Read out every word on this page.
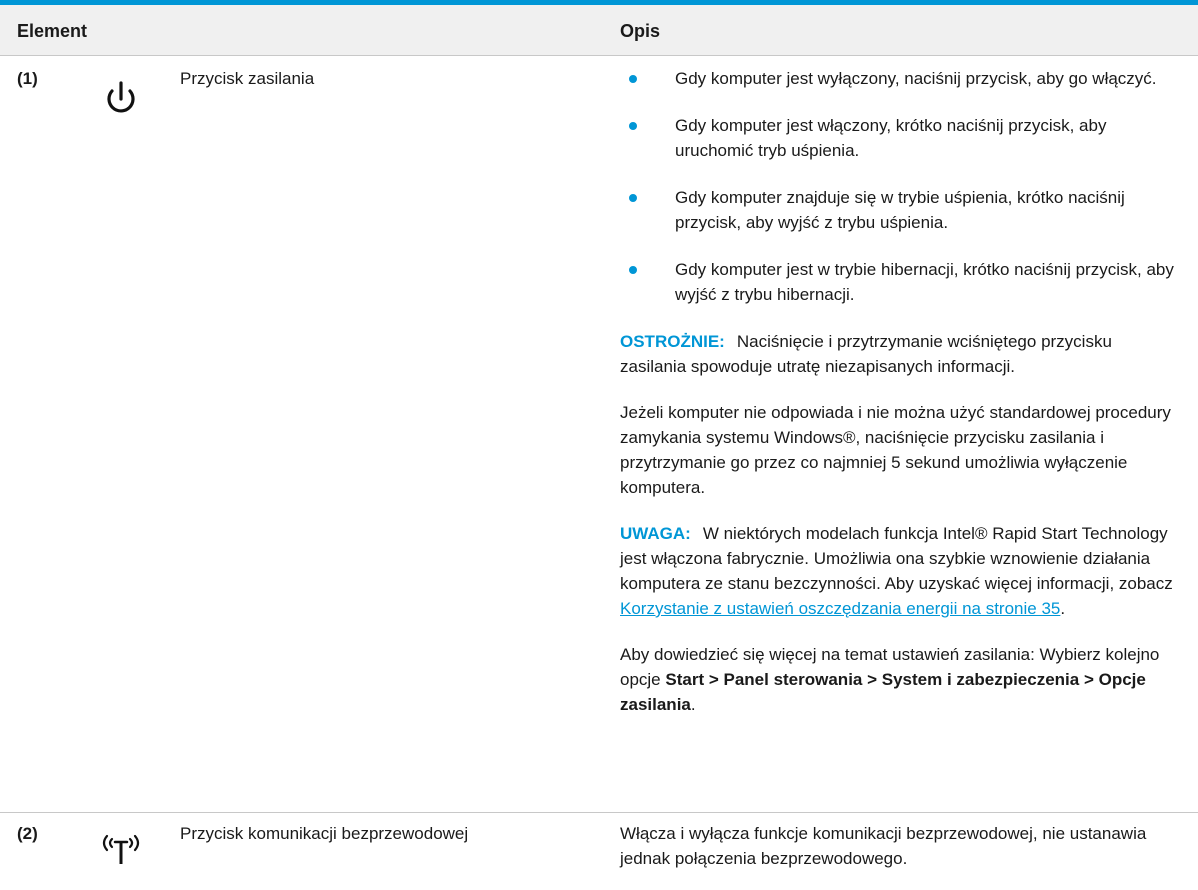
Element	Opis
(1)	Przycisk zasilania	Gdy komputer jest wyłączony, naciśnij przycisk, aby go włączyć.
Gdy komputer jest włączony, krótko naciśnij przycisk, aby uruchomić tryb uśpienia.
Gdy komputer znajduje się w trybie uśpienia, krótko naciśnij przycisk, aby wyjść z trybu uśpienia.
Gdy komputer jest w trybie hibernacji, krótko naciśnij przycisk, aby wyjść z trybu hibernacji.
OSTROŻNIE: Naciśnięcie i przytrzymanie wciśniętego przycisku zasilania spowoduje utratę niezapisanych informacji.
Jeżeli komputer nie odpowiada i nie można użyć standardowej procedury zamykania systemu Windows®, naciśnięcie przycisku zasilania i przytrzymanie go przez co najmniej 5 sekund umożliwia wyłączenie komputera.
UWAGA: W niektórych modelach funkcja Intel® Rapid Start Technology jest włączona fabrycznie. Umożliwia ona szybkie wznowienie działania komputera ze stanu bezczynności. Aby uzyskać więcej informacji, zobacz Korzystanie z ustawień oszczędzania energii na stronie 35.
Aby dowiedzieć się więcej na temat ustawień zasilania: Wybierz kolejno opcje Start > Panel sterowania > System i zabezpieczenia > Opcje zasilania.
(2)	Przycisk komunikacji bezprzewodowej	Włącza i wyłącza funkcje komunikacji bezprzewodowej, nie ustanawia jednak połączenia bezprzewodowego.
